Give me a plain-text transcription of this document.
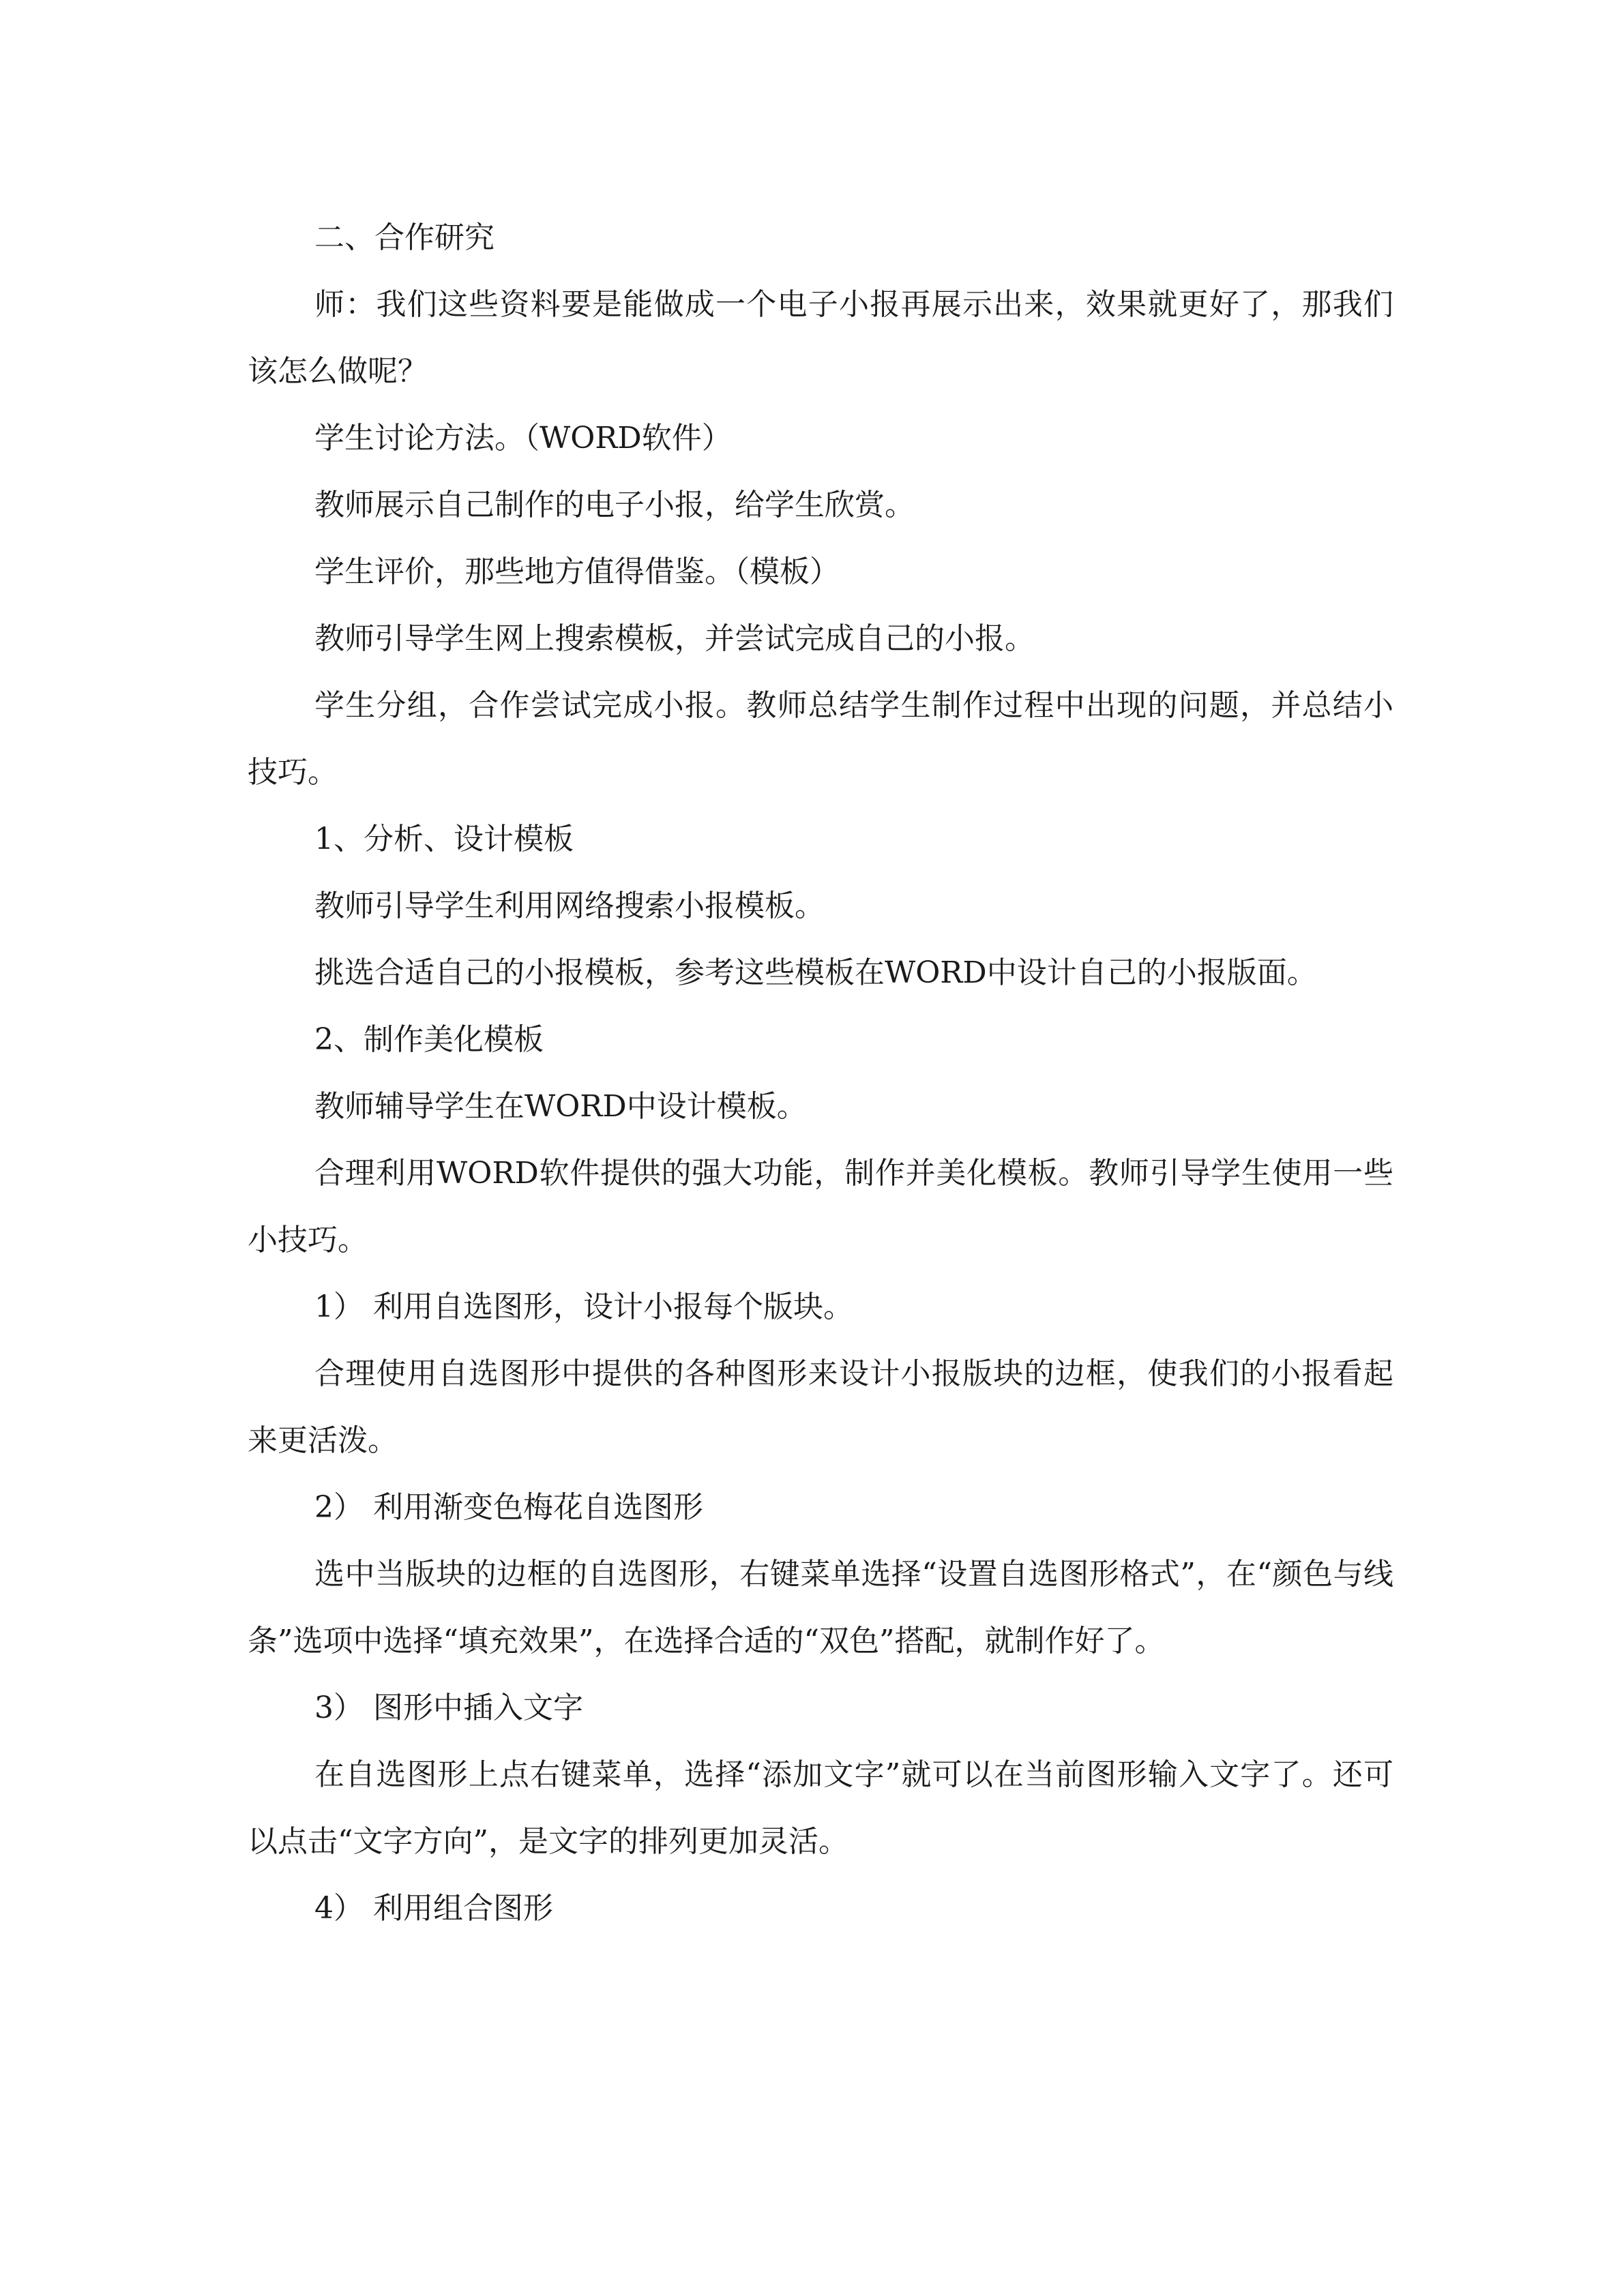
二、合作研究

师：我们这些资料要是能做成一个电子小报再展示出来，效果就更好了，那我们该怎么做呢？

学生讨论方法。（WORD软件）

教师展示自己制作的电子小报，给学生欣赏。

学生评价，那些地方值得借鉴。（模板）

教师引导学生网上搜索模板，并尝试完成自己的小报。

学生分组，合作尝试完成小报。教师总结学生制作过程中出现的问题，并总结小技巧。

1、分析、设计模板

教师引导学生利用网络搜索小报模板。

挑选合适自己的小报模板，参考这些模板在WORD中设计自己的小报版面。

2、制作美化模板

教师辅导学生在WORD中设计模板。

合理利用WORD软件提供的强大功能，制作并美化模板。教师引导学生使用一些小技巧。

1） 利用自选图形，设计小报每个版块。

合理使用自选图形中提供的各种图形来设计小报版块的边框，使我们的小报看起来更活泼。

2） 利用渐变色梅花自选图形

选中当版块的边框的自选图形，右键菜单选择“设置自选图形格式”，在“颜色与线条”选项中选择“填充效果”，在选择合适的“双色”搭配，就制作好了。

3） 图形中插入文字

在自选图形上点右键菜单，选择“添加文字”就可以在当前图形输入文字了。还可以点击“文字方向”，是文字的排列更加灵活。

4） 利用组合图形
